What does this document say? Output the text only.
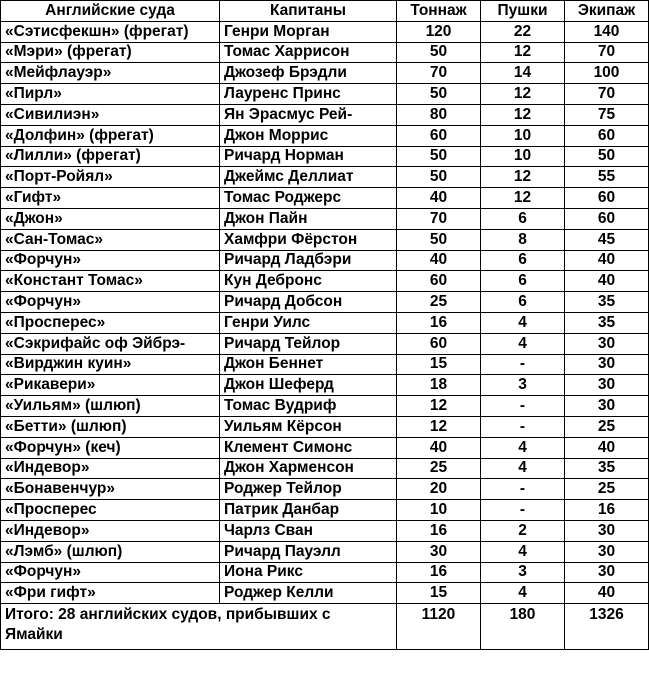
Английские суда	Капитаны	Тоннаж	Пушки	Экипаж
«Сэтисфекшн» (фрегат)	Генри Морган	120	22	140
«Мэри» (фрегат)	Томас Харрисон	50	12	70
«Мейфлауэр»	Джозеф Брэдли	70	14	100
«Пирл»	Лауренс Принс	50	12	70
«Сивилиэн»	Ян Эрасмус Рей-	80	12	75
«Долфин» (фрегат)	Джон Моррис	60	10	60
«Лилли» (фрегат)	Ричард Норман	50	10	50
«Порт-Ройял»	Джеймс Деллиат	50	12	55
«Гифт»	Томас Роджерс	40	12	60
«Джон»	Джон Пайн	70	6	60
«Сан-Томас»	Хамфри Фёрстон	50	8	45
«Форчун»	Ричард Ладбэри	40	6	40
«Констант Томас»	Кун Дебронс	60	6	40
«Форчун»	Ричард Добсон	25	6	35
«Просперес»	Генри Уилс	16	4	35
«Сэкрифайс оф Эйбрэ-	Ричард Тейлор	60	4	30
«Вирджин куин»	Джон Беннет	15	-	30
«Рикавери»	Джон Шеферд	18	3	30
«Уильям» (шлюп)	Томас Вудриф	12	-	30
«Бетти» (шлюп)	Уильям Кёрсон	12	-	25
«Форчун» (кеч)	Клемент Симонс	40	4	40
«Индевор»	Джон Харменсон	25	4	35
«Бонавенчур»	Роджер Тейлор	20	-	25
«Просперес	Патрик Данбар	10	-	16
«Индевор»	Чарлз Сван	16	2	30
«Лэмб» (шлюп)	Ричард Пауэлл	30	4	30
«Форчун»	Иона Рикс	16	3	30
«Фри гифт»	Роджер Келли	15	4	40
Итого: 28 английских судов, прибывших с Ямайки		1120	180	1326
